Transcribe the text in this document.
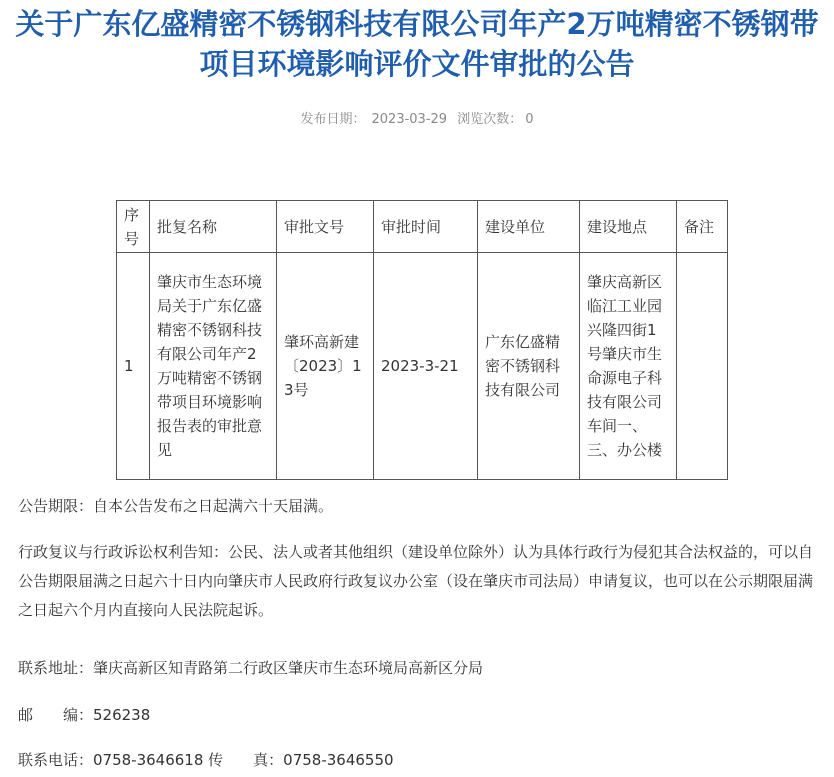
关于广东亿盛精密不锈钢科技有限公司年产2万吨精密不锈钢带项目环境影响评价文件审批的公告
发布日期： 2023-03-29 浏览次数： 0
序号	批复名称	审批文号	审批时间	建设单位	建设地点	备注
1	肇庆市生态环境局关于广东亿盛精密不锈钢科技有限公司年产2万吨精密不锈钢带项目环境影响报告表的审批意见	肇环高新建〔2023〕13号	2023-3-21	广东亿盛精密不锈钢科技有限公司	肇庆高新区临江工业园兴隆四街1号肇庆市生命源电子科技有限公司车间一、三、办公楼	

公告期限：自本公告发布之日起满六十天届满。

行政复议与行政诉讼权利告知：公民、法人或者其他组织（建设单位除外）认为具体行政行为侵犯其合法权益的，可以自公告期限届满之日起六十日内向肇庆市人民政府行政复议办公室（设在肇庆市司法局）申请复议，也可以在公示期限届满之日起六个月内直接向人民法院起诉。

联系地址：肇庆高新区知青路第二行政区肇庆市生态环境局高新区分局

邮　　编：526238

联系电话：0758-3646618 传　　真：0758-3646550
